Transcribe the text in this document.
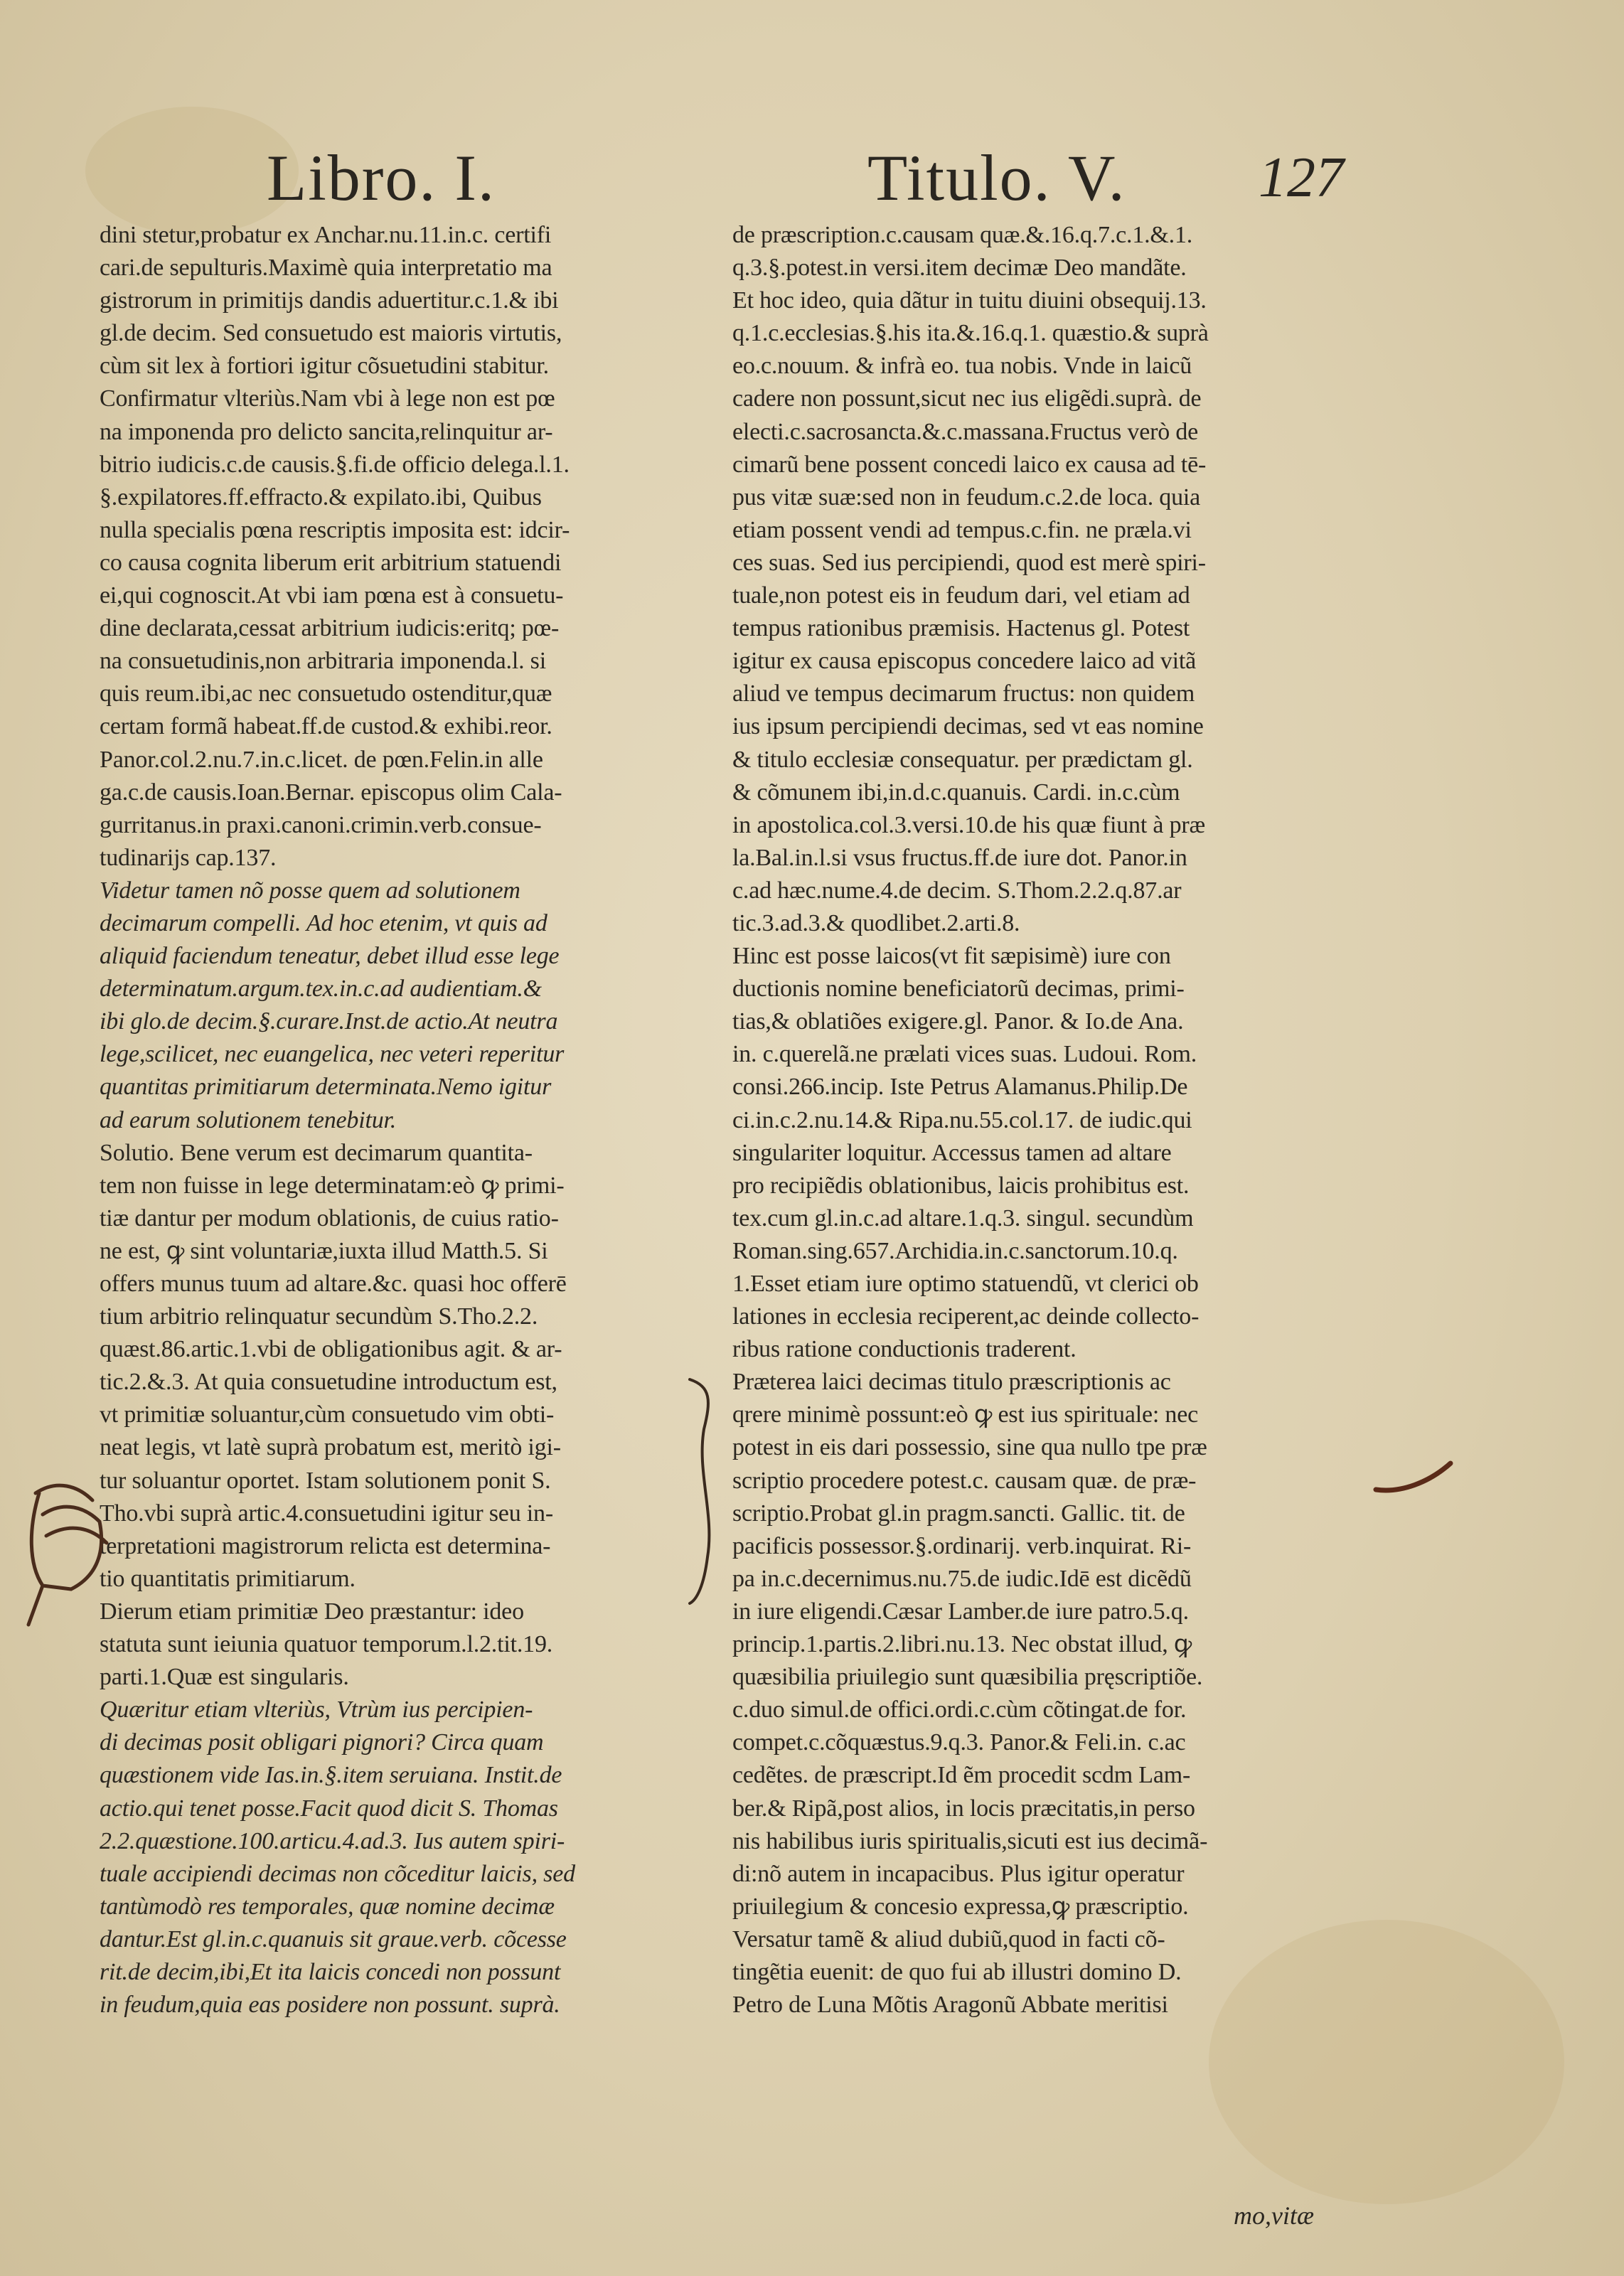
Libro. I.	Titulo. V. 127
dini stetur,probatur ex Anchar.nu.11.in.c. certifi
cari.de sepulturis.Maximè quia interpretatio ma
gistrorum in primitijs dandis aduertitur.c.1.& ibi
gl.de decim. Sed consuetudo est maioris virtutis,
cùm sit lex à fortiori igitur cõsuetudini stabitur.
Confirmatur vlteriùs.Nam vbi à lege non est pœ
na imponenda pro delicto sancita,relinquitur ar-
bitrio iudicis.c.de causis.§.fi.de officio delega.l.1.
§.expilatores.ff.effracto.& expilato.ibi, Quibus
nulla specialis pœna rescriptis imposita est: idcir-
co causa cognita liberum erit arbitrium statuendi
ei,qui cognoscit.At vbi iam pœna est à consuetu-
dine declarata,cessat arbitrium iudicis:eritq; pœ-
na consuetudinis,non arbitraria imponenda.l. si
quis reum.ibi,ac nec consuetudo ostenditur,quæ
certam formã habeat.ff.de custod.& exhibi.reor.
Panor.col.2.nu.7.in.c.licet. de pœn.Felin.in alle
ga.c.de causis.Ioan.Bernar. episcopus olim Cala-
gurritanus.in praxi.canoni.crimin.verb.consue-
tudinarijs cap.137.
Videtur tamen nõ posse quem ad solutionem
decimarum compelli. Ad hoc etenim, vt quis ad
aliquid faciendum teneatur, debet illud esse lege
determinatum.argum.tex.in.c.ad audientiam.&
ibi glo.de decim.§.curare.Inst.de actio.At neutra
lege,scilicet, nec euangelica, nec veteri reperitur
quantitas primitiarum determinata.Nemo igitur
ad earum solutionem tenebitur.
Solutio. Bene verum est decimarum quantita-
tem non fuisse in lege determinatam:eò ꝙ primi-
tiæ dantur per modum oblationis, de cuius ratio-
ne est, ꝙ sint voluntariæ,iuxta illud Matth.5. Si
offers munus tuum ad altare.&c. quasi hoc offerē
tium arbitrio relinquatur secundùm S.Tho.2.2.
quæst.86.artic.1.vbi de obligationibus agit. & ar-
tic.2.&.3. At quia consuetudine introductum est,
vt primitiæ soluantur,cùm consuetudo vim obti-
neat legis, vt latè suprà probatum est, meritò igi-
tur soluantur oportet. Istam solutionem ponit S.
Tho.vbi suprà artic.4.consuetudini igitur seu in-
terpretationi magistrorum relicta est determina-
tio quantitatis primitiarum.
Dierum etiam primitiæ Deo præstantur: ideo
statuta sunt ieiunia quatuor temporum.l.2.tit.19.
parti.1.Quæ est singularis.
Quæritur etiam vlteriùs, Vtrùm ius percipien-
di decimas posit obligari pignori? Circa quam
quæstionem vide Ias.in.§.item seruiana. Instit.de
actio.qui tenet posse.Facit quod dicit S. Thomas
2.2.quæstione.100.articu.4.ad.3. Ius autem spiri-
tuale accipiendi decimas non cõceditur laicis, sed
tantùmodò res temporales, quæ nomine decimæ
dantur.Est gl.in.c.quanuis sit graue.verb. cõcesse
rit.de decim,ibi,Et ita laicis concedi non possunt
in feudum,quia eas posidere non possunt. suprà.
de præscription.c.causam quæ.&.16.q.7.c.1.&.1.
q.3.§.potest.in versi.item decimæ Deo mandãte.
Et hoc ideo, quia dãtur in tuitu diuini obsequij.13.
q.1.c.ecclesias.§.his ita.&.16.q.1. quæstio.& suprà
eo.c.nouum. & infrà eo. tua nobis. Vnde in laicũ
cadere non possunt,sicut nec ius eligẽdi.suprà. de
electi.c.sacrosancta.&.c.massana.Fructus verò de
cimarũ bene possent concedi laico ex causa ad tē-
pus vitæ suæ:sed non in feudum.c.2.de loca. quia
etiam possent vendi ad tempus.c.fin. ne præla.vi
ces suas. Sed ius percipiendi, quod est merè spiri-
tuale,non potest eis in feudum dari, vel etiam ad
tempus rationibus præmisis. Hactenus gl. Potest
igitur ex causa episcopus concedere laico ad vitã
aliud ve tempus decimarum fructus: non quidem
ius ipsum percipiendi decimas, sed vt eas nomine
& titulo ecclesiæ consequatur. per prædictam gl.
& cõmunem ibi,in.d.c.quanuis. Cardi. in.c.cùm
in apostolica.col.3.versi.10.de his quæ fiunt à præ
la.Bal.in.l.si vsus fructus.ff.de iure dot. Panor.in
c.ad hæc.nume.4.de decim. S.Thom.2.2.q.87.ar
tic.3.ad.3.& quodlibet.2.arti.8.
Hinc est posse laicos(vt fit sæpisimè) iure con
ductionis nomine beneficiatorũ decimas, primi-
tias,& oblatiões exigere.gl. Panor. & Io.de Ana.
in. c.querelã.ne prælati vices suas. Ludoui. Rom.
consi.266.incip. Iste Petrus Alamanus.Philip.De
ci.in.c.2.nu.14.& Ripa.nu.55.col.17. de iudic.qui
singulariter loquitur. Accessus tamen ad altare
pro recipiẽdis oblationibus, laicis prohibitus est.
tex.cum gl.in.c.ad altare.1.q.3. singul. secundùm
Roman.sing.657.Archidia.in.c.sanctorum.10.q.
1.Esset etiam iure optimo statuendũ, vt clerici ob
lationes in ecclesia reciperent,ac deinde collecto-
ribus ratione conductionis traderent.
Præterea laici decimas titulo præscriptionis ac
qrere minimè possunt:eò ꝙ est ius spirituale: nec
potest in eis dari possessio, sine qua nullo tpe præ
scriptio procedere potest.c. causam quæ. de præ-
scriptio.Probat gl.in pragm.sancti. Gallic. tit. de
pacificis possessor.§.ordinarij. verb.inquirat. Ri-
pa in.c.decernimus.nu.75.de iudic.Idē est dicẽdũ
in iure eligendi.Cæsar Lamber.de iure patro.5.q.
princip.1.partis.2.libri.nu.13. Nec obstat illud, ꝙ
quæsibilia priuilegio sunt quæsibilia pręscriptiõe.
c.duo simul.de offici.ordi.c.cùm cõtingat.de for.
compet.c.cõquæstus.9.q.3. Panor.& Feli.in. c.ac
cedẽtes. de præscript.Id ẽm procedit scdm Lam-
ber.& Ripã,post alios, in locis præcitatis,in perso
nis habilibus iuris spiritualis,sicuti est ius decimã-
di:nõ autem in incapacibus. Plus igitur operatur
priuilegium & concesio expressa,ꝙ præscriptio.
Versatur tamẽ & aliud dubiũ,quod in facti cõ-
tingẽtia euenit: de quo fui ab illustri domino D.
Petro de Luna Mõtis Aragonũ Abbate meritisi
mo,vitæ
